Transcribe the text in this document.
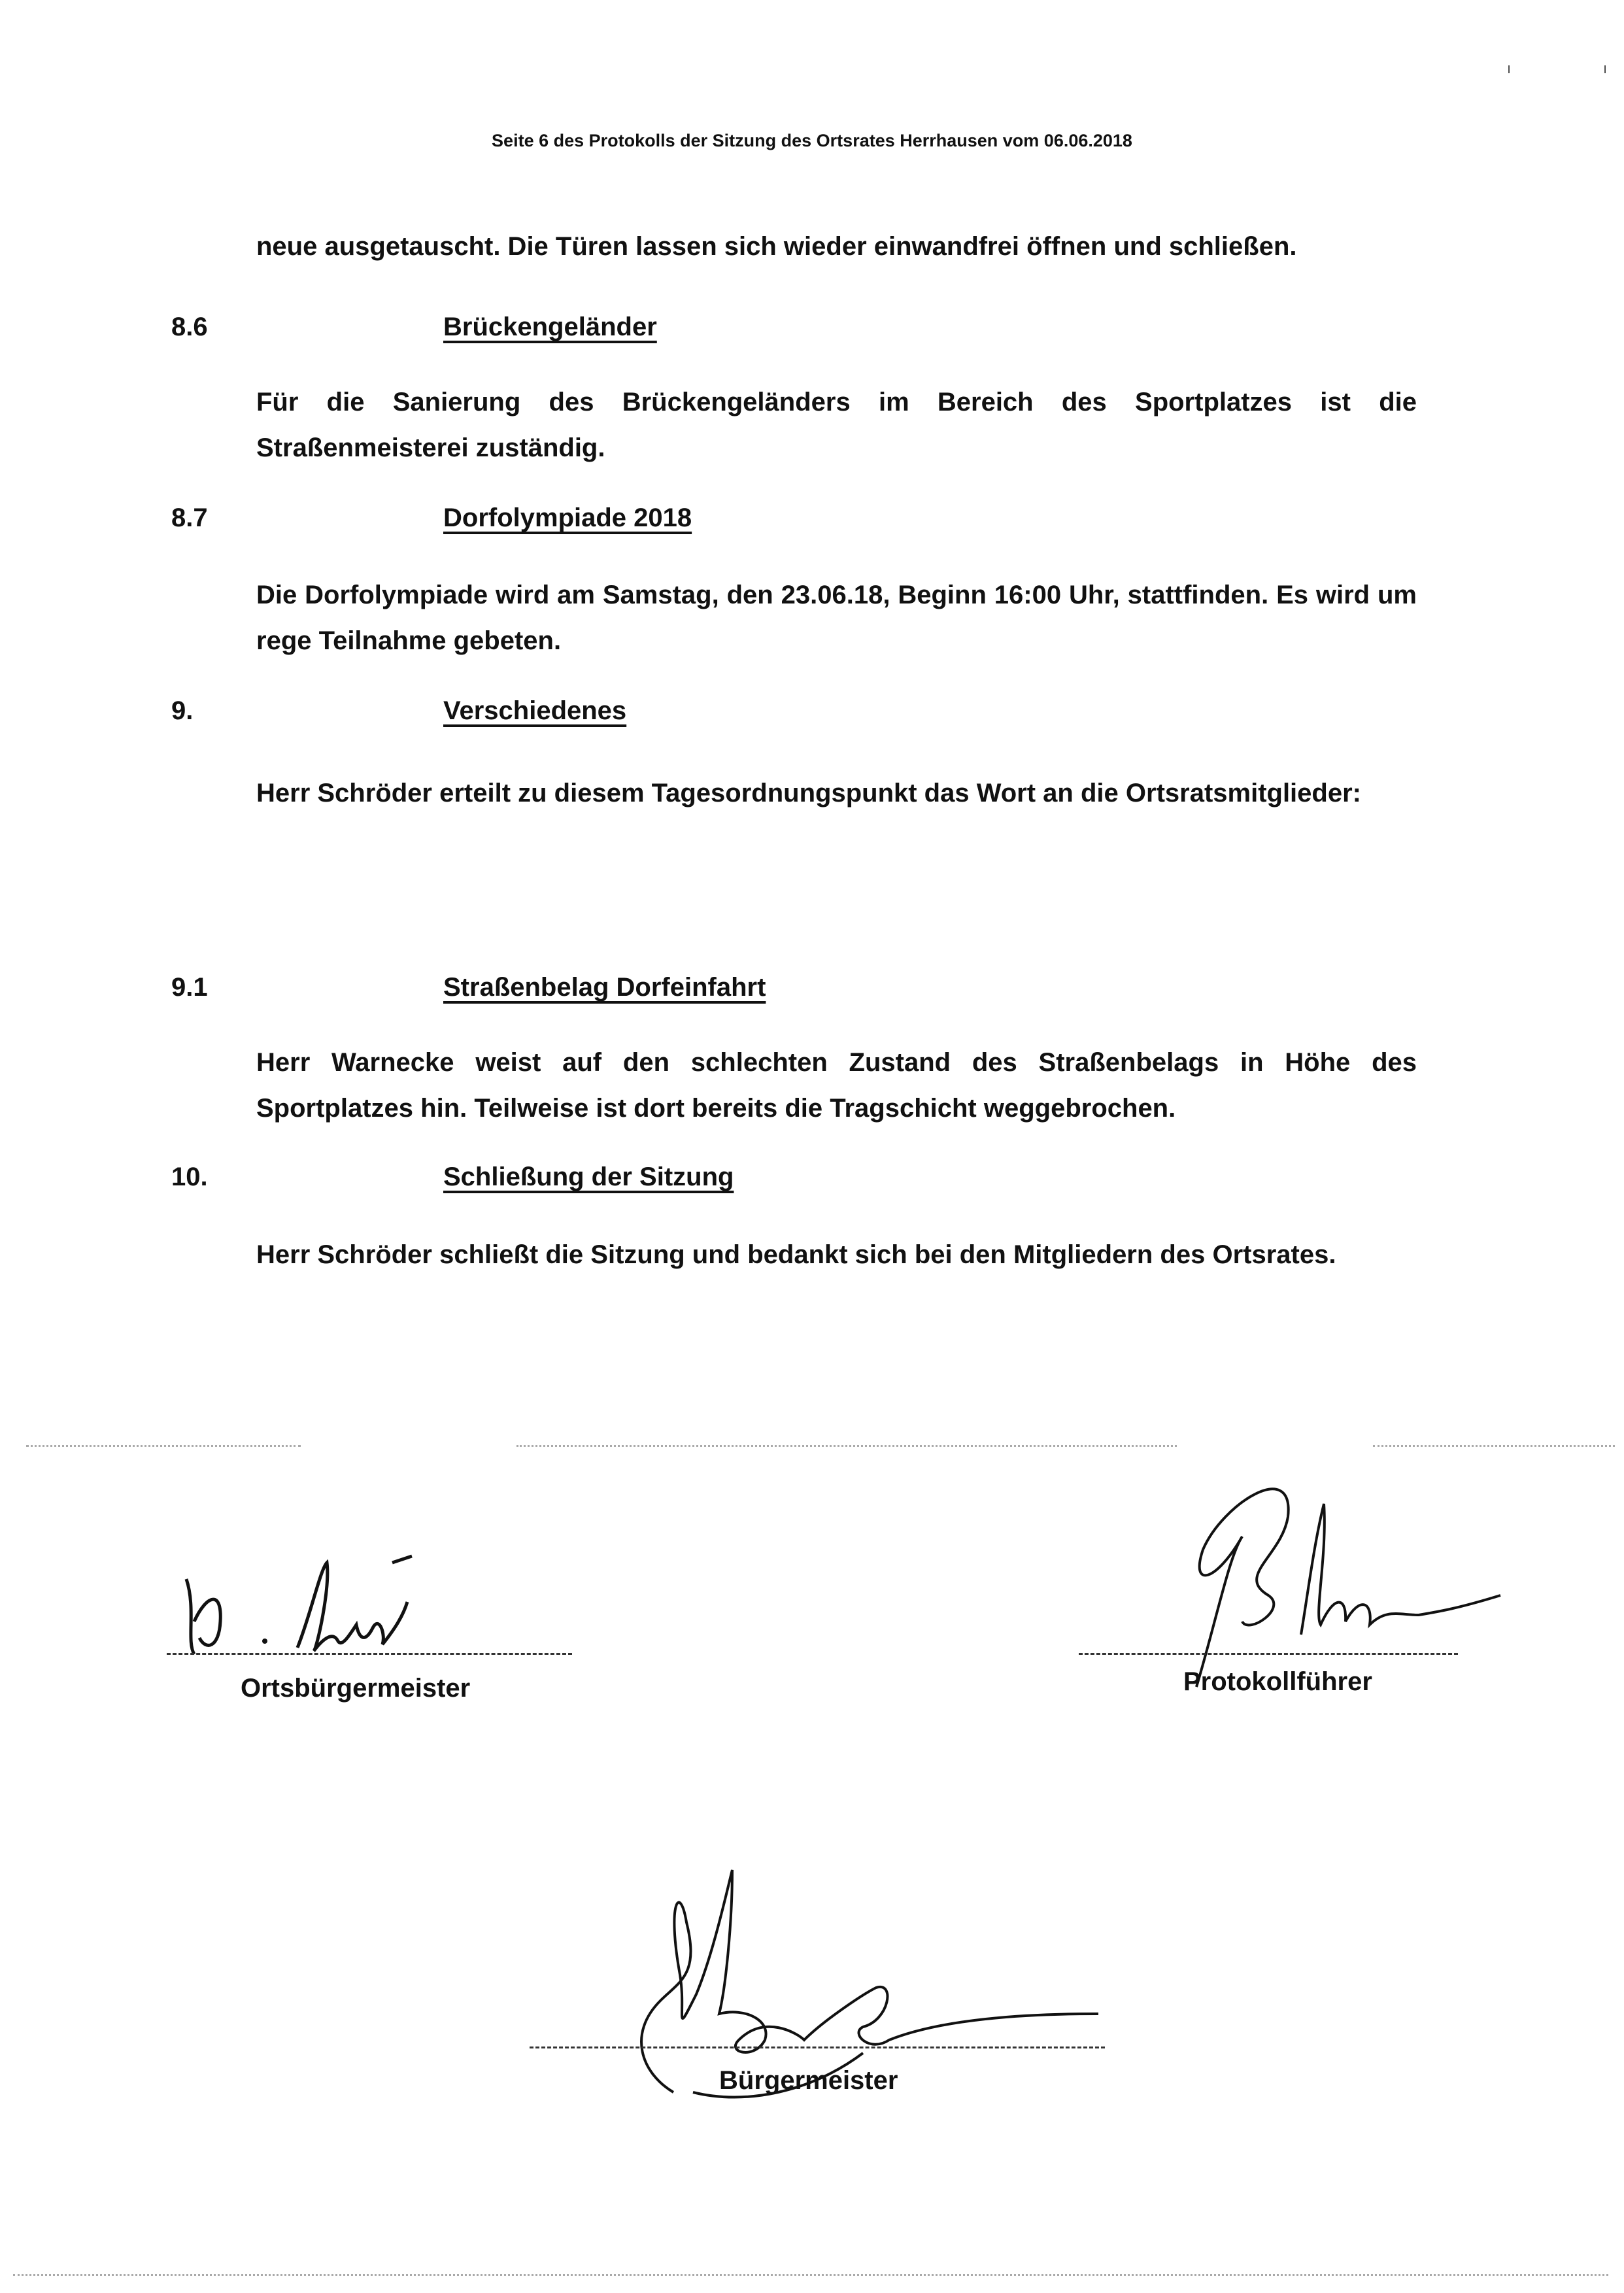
ı	ı
Seite 6 des Protokolls der Sitzung des Ortsrates Herrhausen vom 06.06.2018
neue ausgetauscht. Die Türen lassen sich wieder einwandfrei öffnen und schließen.
8.6	Brückengeländer
Für die Sanierung des Brückengeländers im Bereich des Sportplatzes ist die Straßenmeisterei zuständig.
8.7	Dorfolympiade 2018
Die Dorfolympiade wird am Samstag, den 23.06.18, Beginn 16:00 Uhr, stattfinden. Es wird um rege Teilnahme gebeten.
9.	Verschiedenes
Herr Schröder erteilt zu diesem Tagesordnungspunkt das Wort an die Ortsratsmitglieder:
9.1	Straßenbelag Dorfeinfahrt
Herr Warnecke weist auf den schlechten Zustand des Straßenbelags in Höhe des Sportplatzes hin. Teilweise ist dort bereits die Tragschicht weggebrochen.
10.	Schließung der Sitzung
Herr Schröder schließt die Sitzung und bedankt sich bei den Mitgliedern des Ortsrates.
Ortsbürgermeister	Protokollführer
Bürgermeister
